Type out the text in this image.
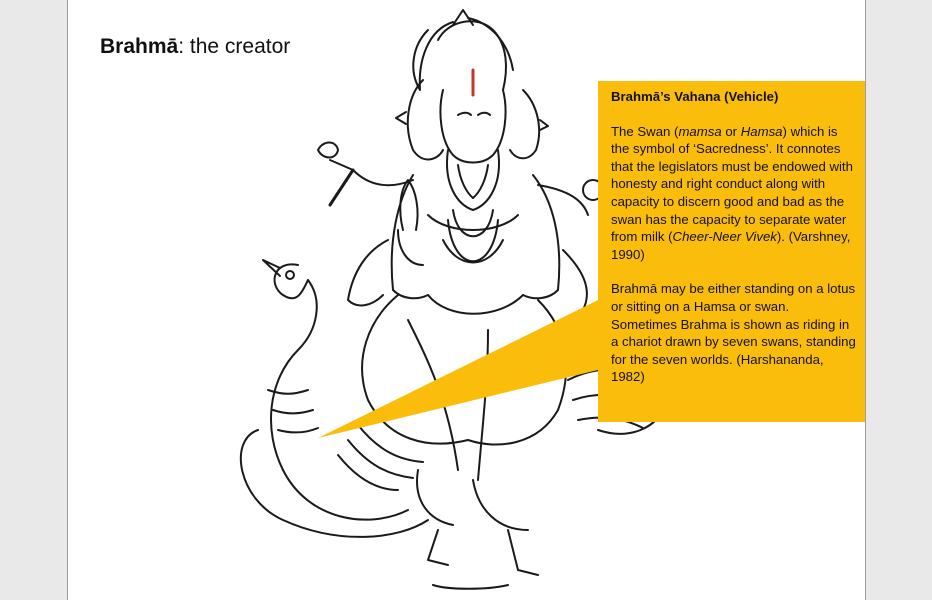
Brahmā: the creator
Brahmā’s Vahana (Vehicle)
The Swan (mamsa or Hamsa) which is the symbol of ‘Sacredness’. It connotes that the legislators must be endowed with honesty and right conduct along with capacity to discern good and bad as the swan has the capacity to separate water from milk (Cheer-Neer Vivek). (Varshney, 1990)
Brahmā may be either standing on a lotus or sitting on a Hamsa or swan. Sometimes Brahma is shown as riding in a chariot drawn by seven swans, standing for the seven worlds. (Harshananda, 1982)
